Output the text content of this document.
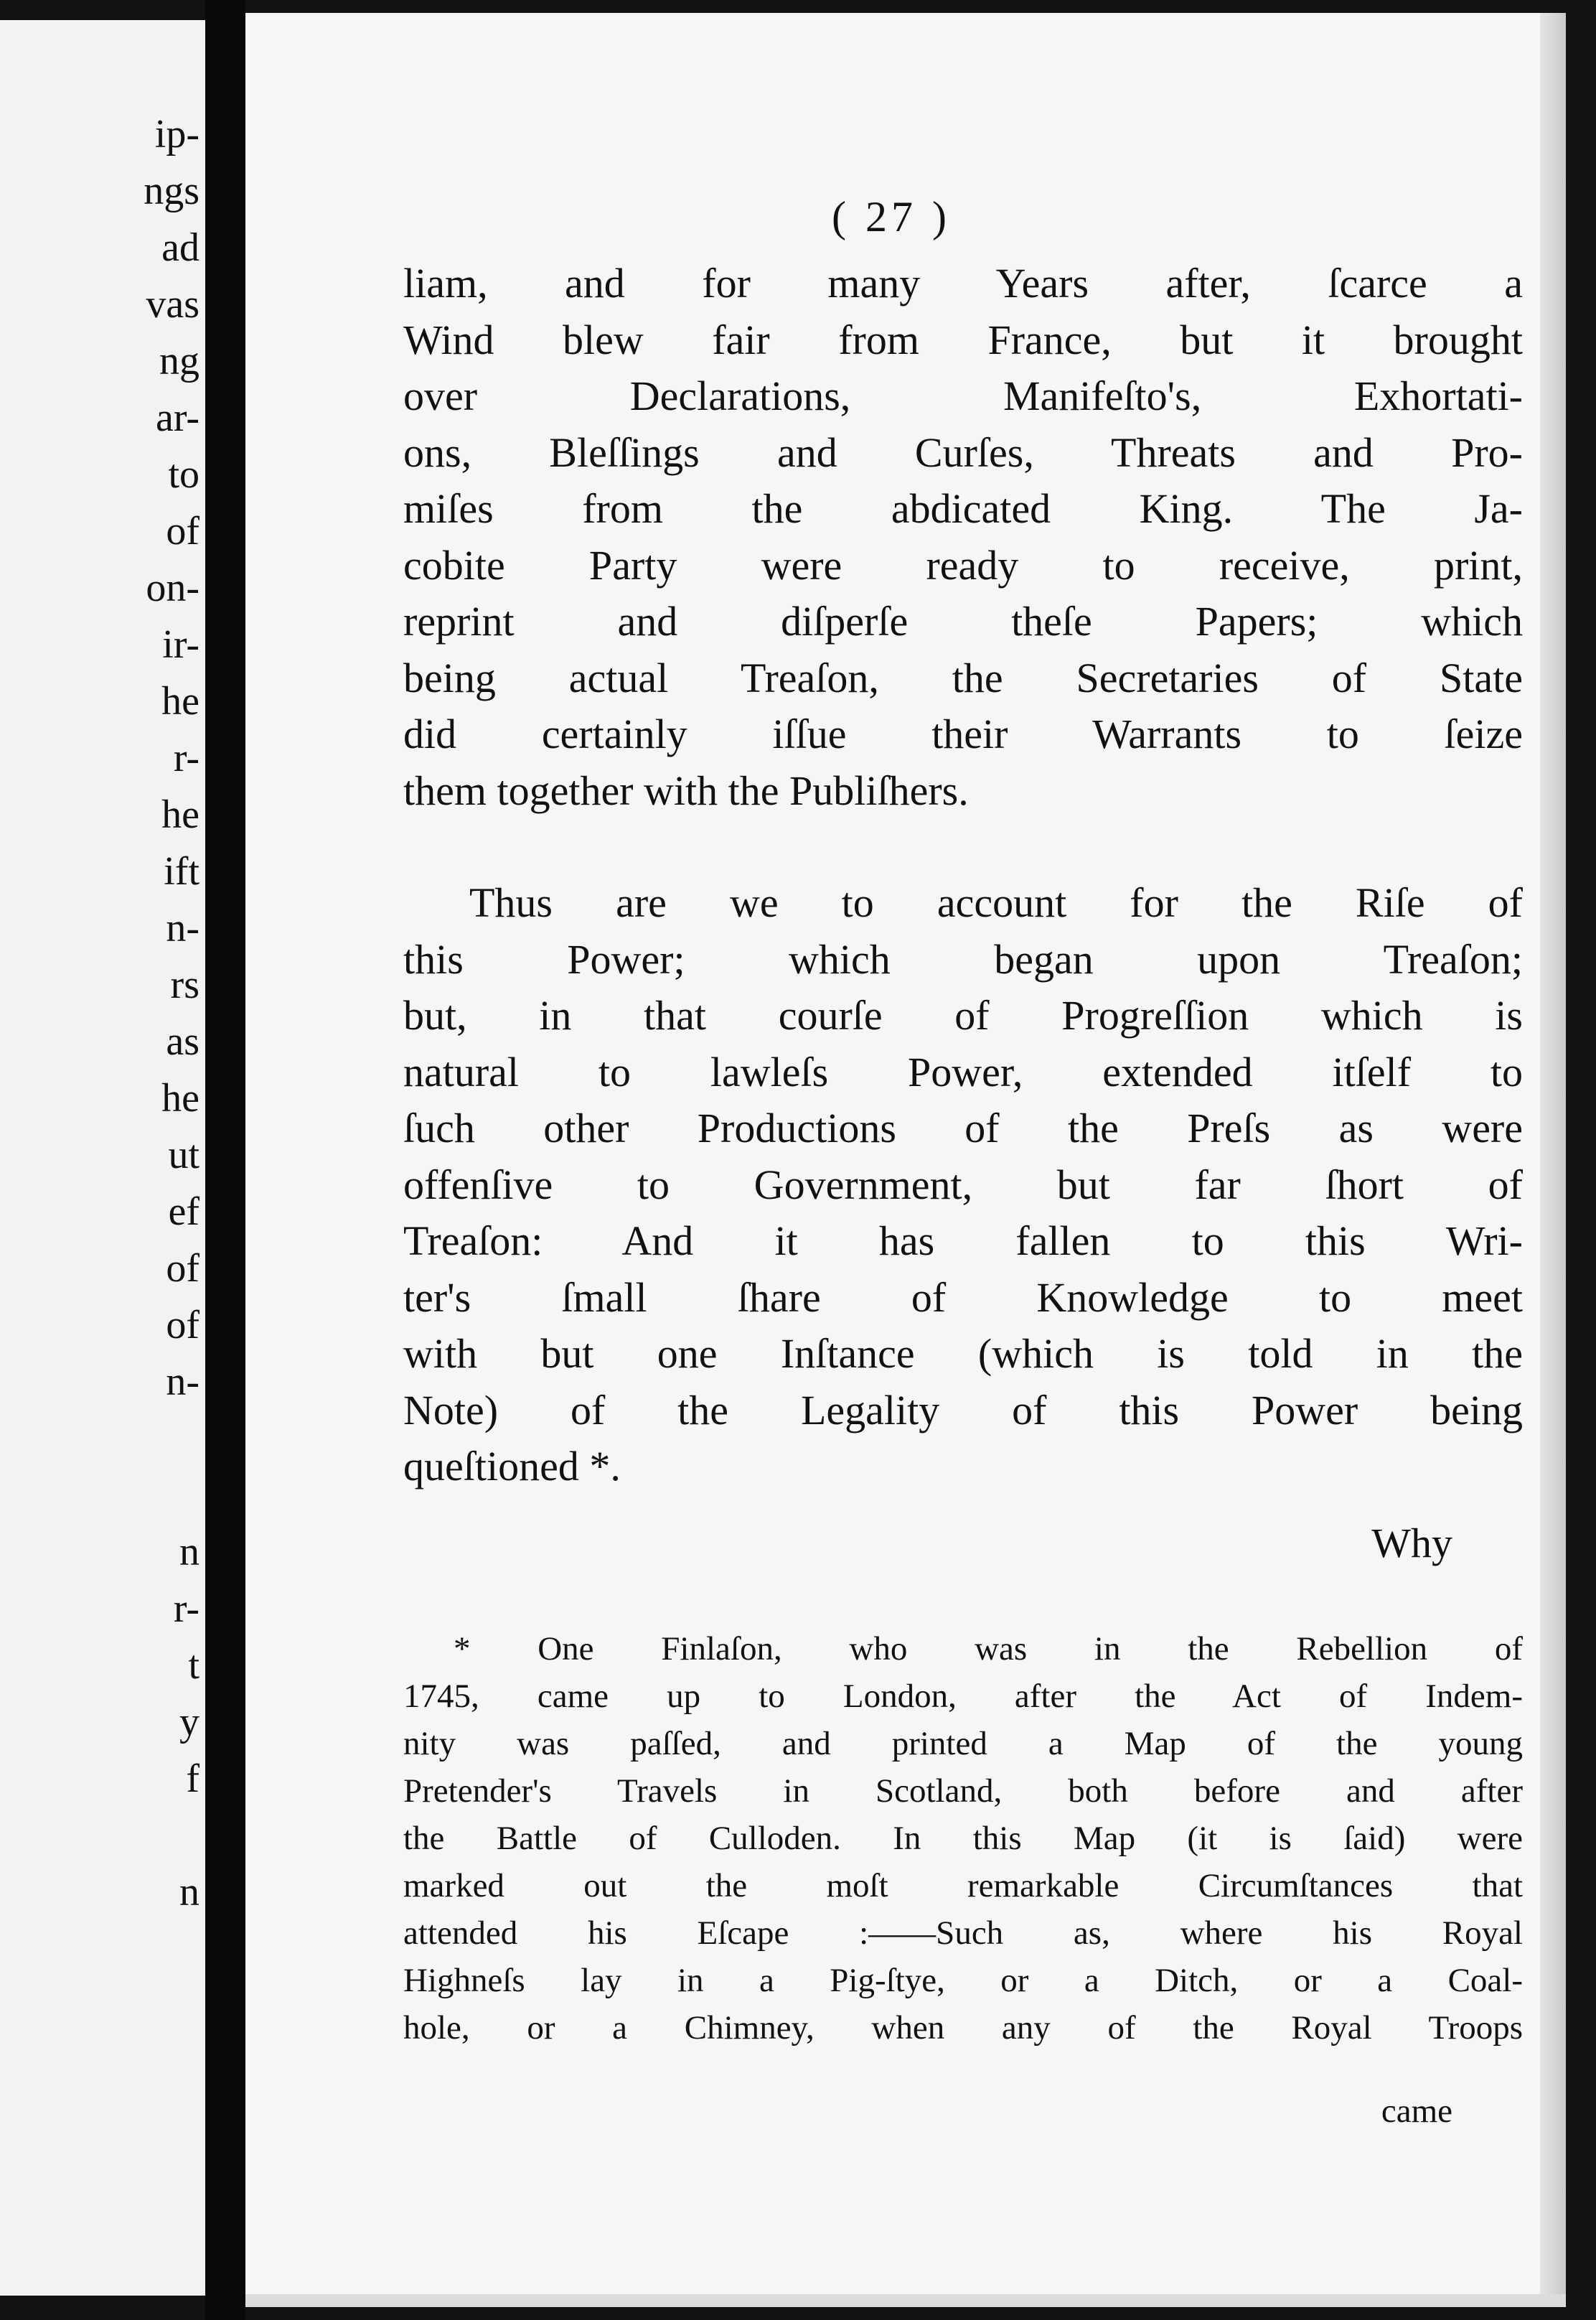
ip-
ngs
ad
vas
ng
ar-
to
of
on-
ir-
he
r-
he
ift
n-
rs
as
he
ut
ef
of
of
n-
n
r-
t
y
f
n
( 27 )
liam, and for many Years after, ſcarce a
Wind blew fair from France, but it brought
over Declarations, Manifeſto's, Exhortati-
ons, Bleſſings and Curſes, Threats and Pro-
miſes from the abdicated King. The Ja-
cobite Party were ready to receive, print,
reprint and diſperſe theſe Papers; which
being actual Treaſon, the Secretaries of State
did certainly iſſue their Warrants to ſeize
them together with the Publiſhers.
Thus are we to account for the Riſe of
this Power; which began upon Treaſon;
but, in that courſe of Progreſſion which is
natural to lawleſs Power, extended itſelf to
ſuch other Productions of the Preſs as were
offenſive to Government, but far ſhort of
Treaſon: And it has fallen to this Wri-
ter's ſmall ſhare of Knowledge to meet
with but one Inſtance (which is told in the
Note) of the Legality of this Power being
queſtioned *.
Why
* One Finlaſon, who was in the Rebellion of
1745, came up to London, after the Act of Indem-
nity was paſſed, and printed a Map of the young
Pretender's Travels in Scotland, both before and after
the Battle of Culloden. In this Map (it is ſaid) were
marked out the moſt remarkable Circumſtances that
attended his Eſcape :——Such as, where his Royal
Highneſs lay in a Pig-ſtye, or a Ditch, or a Coal-
hole, or a Chimney, when any of the Royal Troops
came
